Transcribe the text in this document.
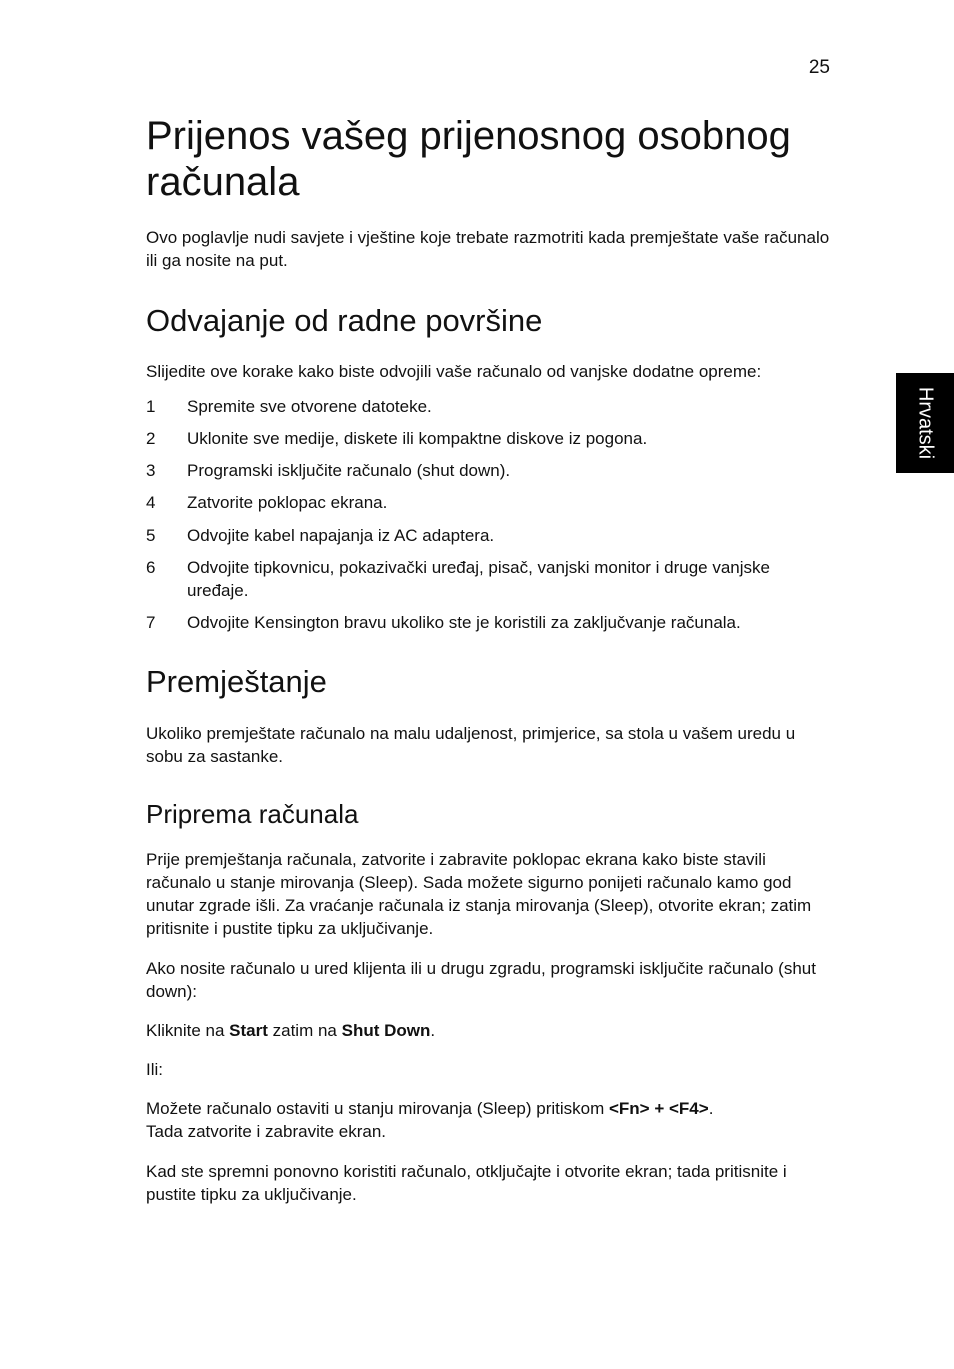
25
Hrvatski
Prijenos vašeg prijenosnog osobnog računala

Ovo poglavlje nudi savjete i vještine koje trebate razmotriti kada premještate vaše računalo ili ga nosite na put.

Odvajanje od radne površine

Slijedite ove korake kako biste odvojili vaše računalo od vanjske dodatne opreme:

1 Spremite sve otvorene datoteke.
2 Uklonite sve medije, diskete ili kompaktne diskove iz pogona.
3 Programski isključite računalo (shut down).
4 Zatvorite poklopac ekrana.
5 Odvojite kabel napajanja iz AC adaptera.
6 Odvojite tipkovnicu, pokazivački uređaj, pisač, vanjski monitor i druge vanjske uređaje.
7 Odvojite Kensington bravu ukoliko ste je koristili za zaključvanje računala.
Premještanje

Ukoliko premještate računalo na malu udaljenost, primjerice, sa stola u vašem uredu u sobu za sastanke.

Priprema računala

Prije premještanja računala, zatvorite i zabravite poklopac ekrana kako biste stavili računalo u stanje mirovanja (Sleep). Sada možete sigurno ponijeti računalo kamo god unutar zgrade išli. Za vraćanje računala iz stanja mirovanja (Sleep), otvorite ekran; zatim pritisnite i pustite tipku za uključivanje.

Ako nosite računalo u ured klijenta ili u drugu zgradu, programski isključite računalo (shut down):

Kliknite na Start zatim na Shut Down.

Ili:

Možete računalo ostaviti u stanju mirovanja (Sleep) pritiskom <Fn> + <F4>.
Tada zatvorite i zabravite ekran.

Kad ste spremni ponovno koristiti računalo, otključajte i otvorite ekran; tada pritisnite i pustite tipku za uključivanje.
